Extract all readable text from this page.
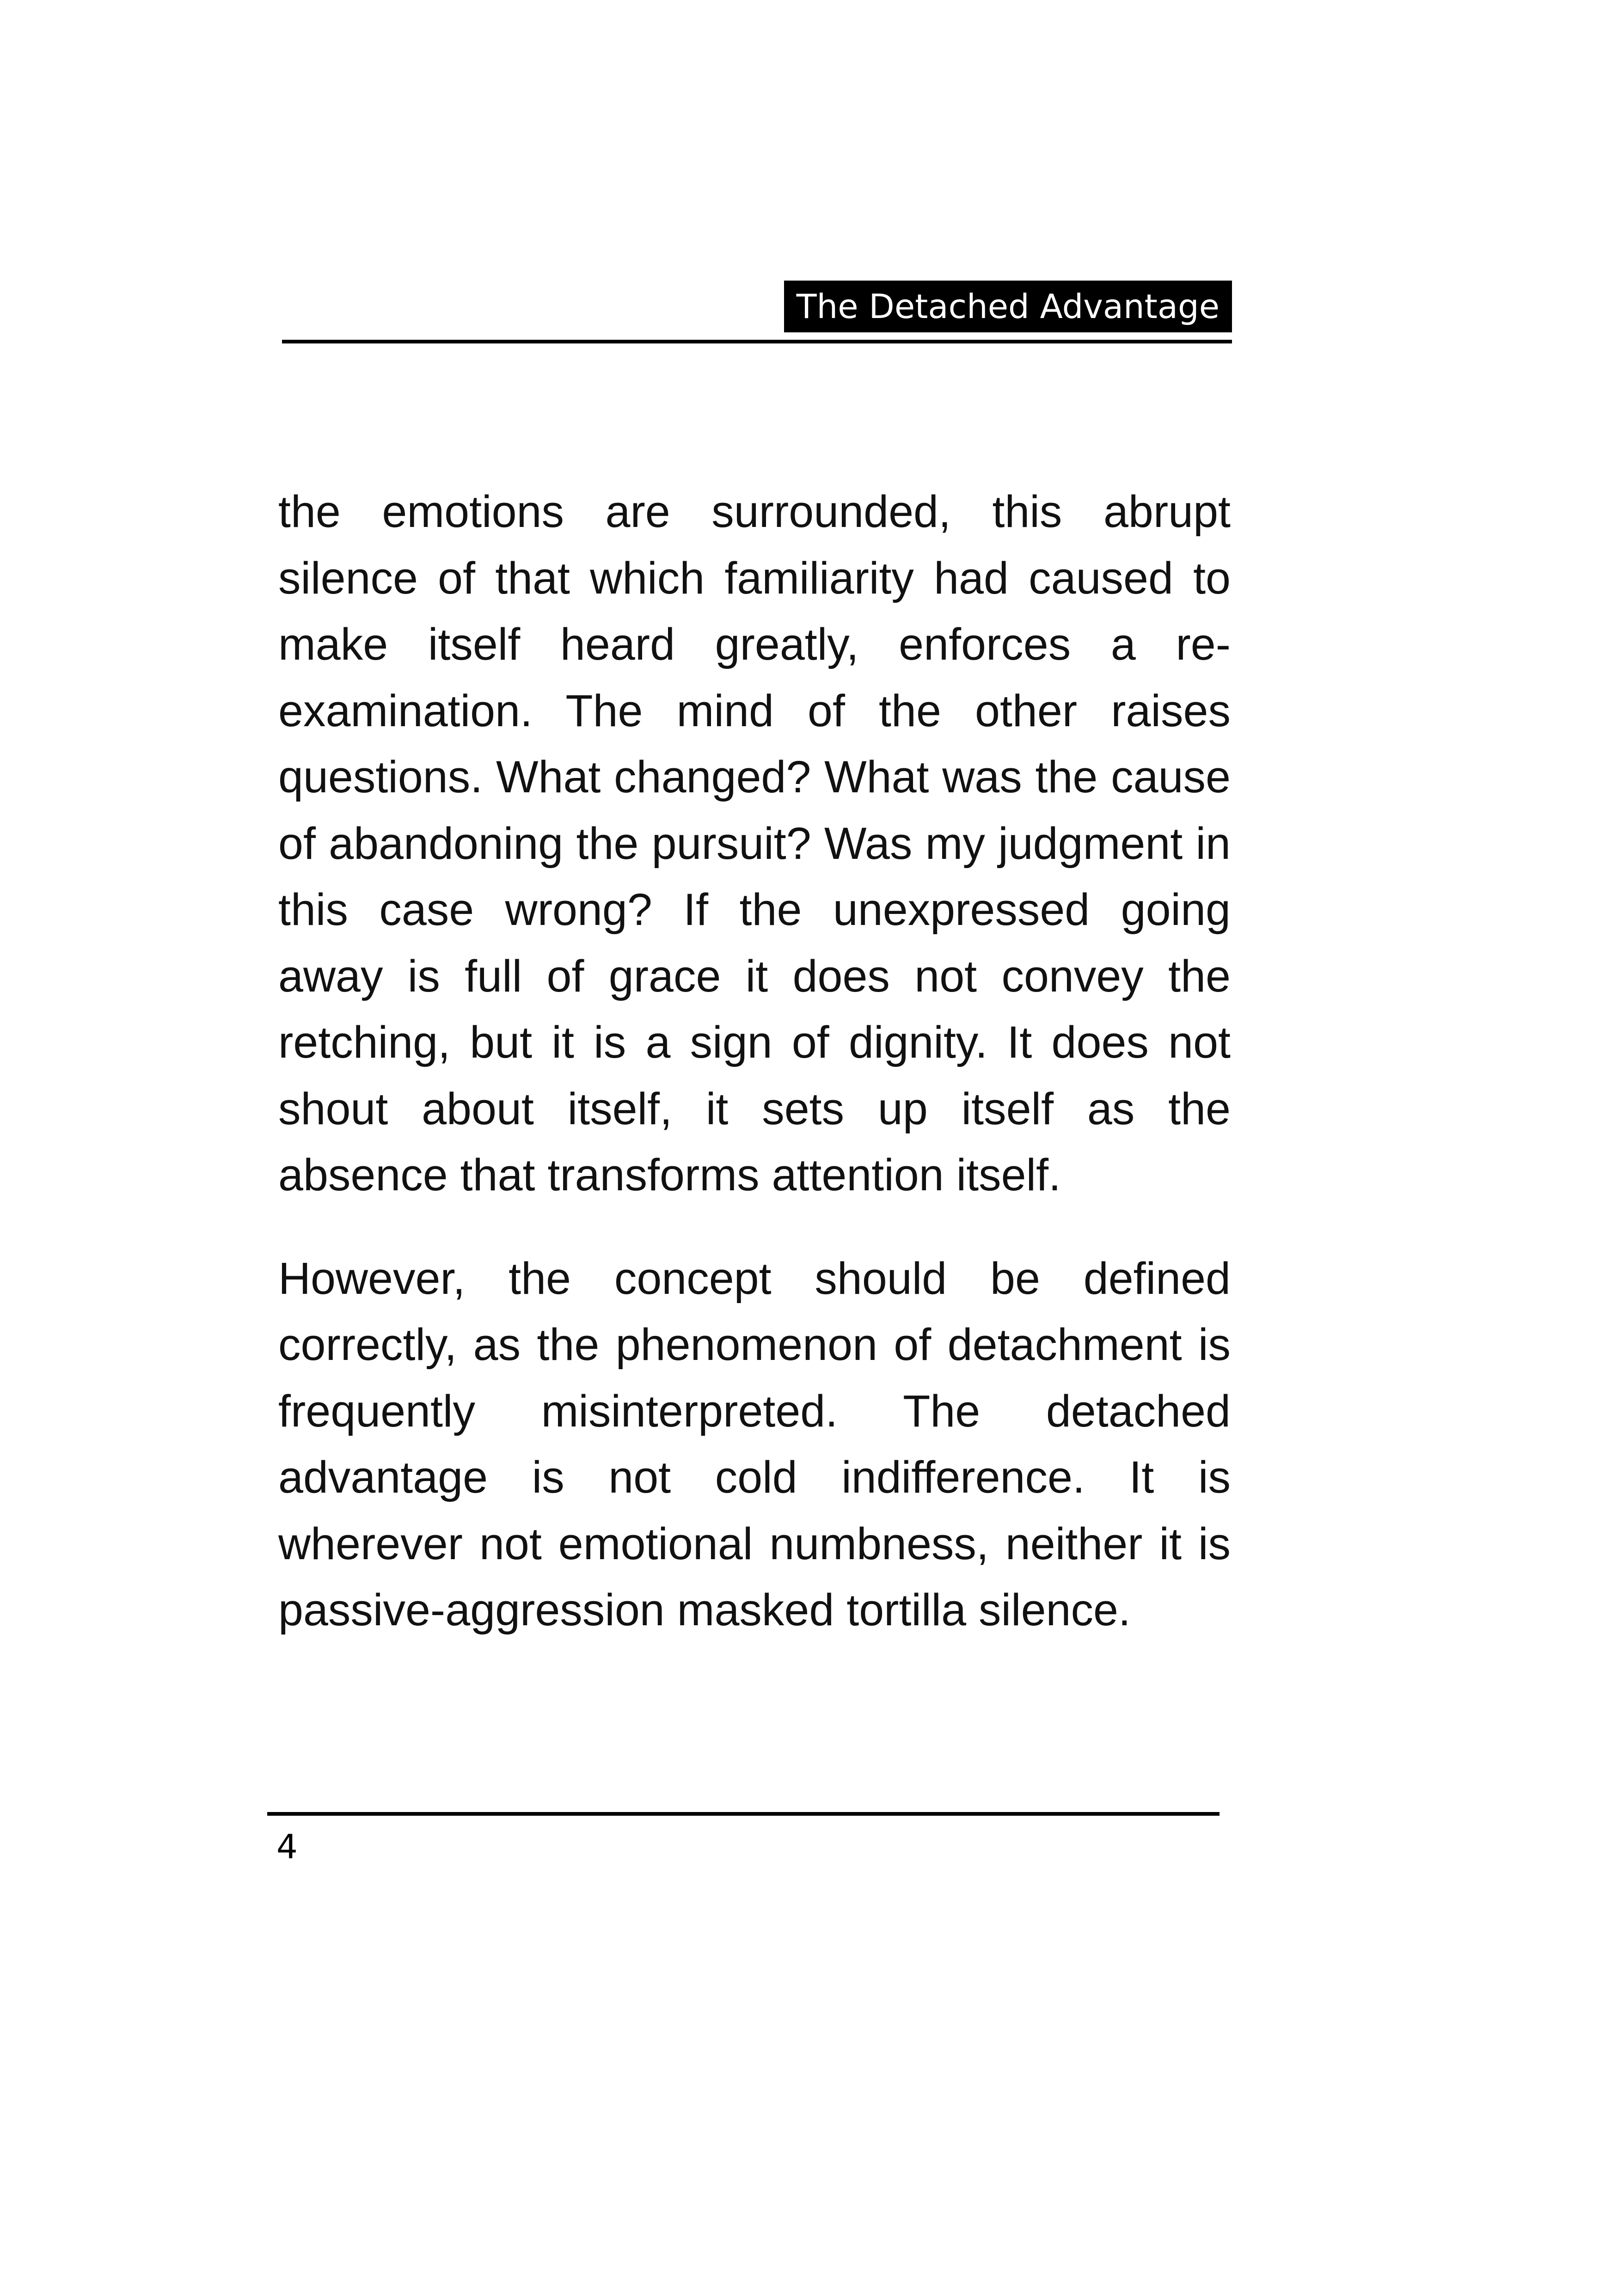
The Detached Advantage

the emotions are surrounded, this abrupt silence of that which familiarity had caused to make itself heard greatly, enforces a re-examination. The mind of the other raises questions. What changed? What was the cause of abandoning the pursuit? Was my judgment in this case wrong? If the unexpressed going away is full of grace it does not convey the retching, but it is a sign of dignity. It does not shout about itself, it sets up itself as the absence that transforms attention itself.

However, the concept should be defined correctly, as the phenomenon of detachment is frequently misinterpreted. The detached advantage is not cold indifference. It is wherever not emotional numbness, neither it is passive-aggression masked tortilla silence.

4
